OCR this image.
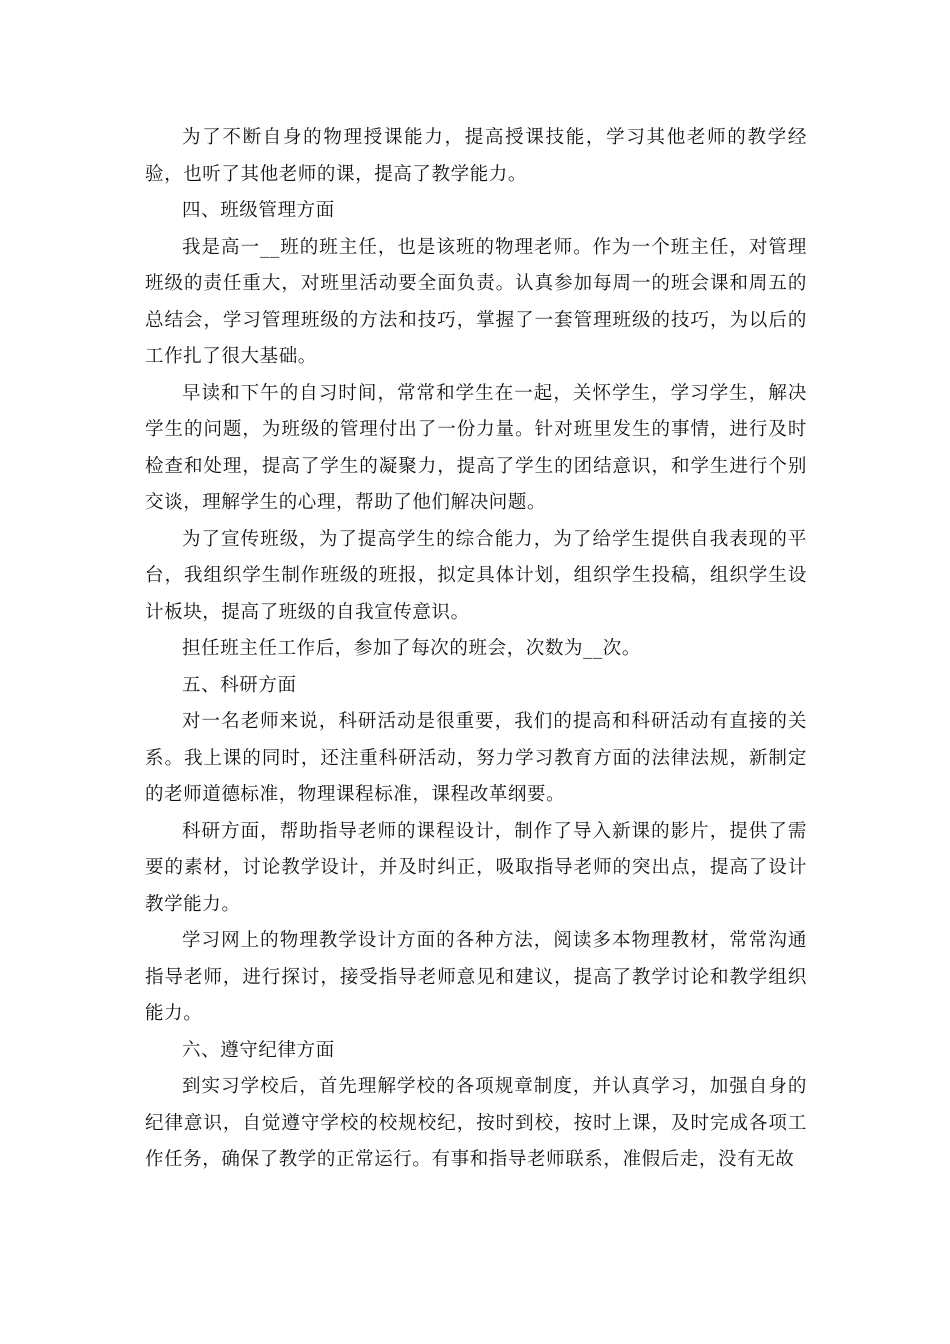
为了不断自身的物理授课能力，提高授课技能，学习其他老师的教学经验，也听了其他老师的课，提高了教学能力。

四、班级管理方面

我是高一__班的班主任，也是该班的物理老师。作为一个班主任，对管理班级的责任重大，对班里活动要全面负责。认真参加每周一的班会课和周五的总结会，学习管理班级的方法和技巧，掌握了一套管理班级的技巧，为以后的工作扎了很大基础。

早读和下午的自习时间，常常和学生在一起，关怀学生，学习学生，解决学生的问题，为班级的管理付出了一份力量。针对班里发生的事情，进行及时检查和处理，提高了学生的凝聚力，提高了学生的团结意识，和学生进行个别交谈，理解学生的心理，帮助了他们解决问题。

为了宣传班级，为了提高学生的综合能力，为了给学生提供自我表现的平台，我组织学生制作班级的班报，拟定具体计划，组织学生投稿，组织学生设计板块，提高了班级的自我宣传意识。

担任班主任工作后，参加了每次的班会，次数为__次。

五、科研方面

对一名老师来说，科研活动是很重要，我们的提高和科研活动有直接的关系。我上课的同时，还注重科研活动，努力学习教育方面的法律法规，新制定的老师道德标准，物理课程标准，课程改革纲要。

科研方面，帮助指导老师的课程设计，制作了导入新课的影片，提供了需要的素材，讨论教学设计，并及时纠正，吸取指导老师的突出点，提高了设计教学能力。

学习网上的物理教学设计方面的各种方法，阅读多本物理教材，常常沟通指导老师，进行探讨，接受指导老师意见和建议，提高了教学讨论和教学组织能力。

六、遵守纪律方面

到实习学校后，首先理解学校的各项规章制度，并认真学习，加强自身的纪律意识，自觉遵守学校的校规校纪，按时到校，按时上课，及时完成各项工作任务，确保了教学的正常运行。有事和指导老师联系，准假后走，没有无故
